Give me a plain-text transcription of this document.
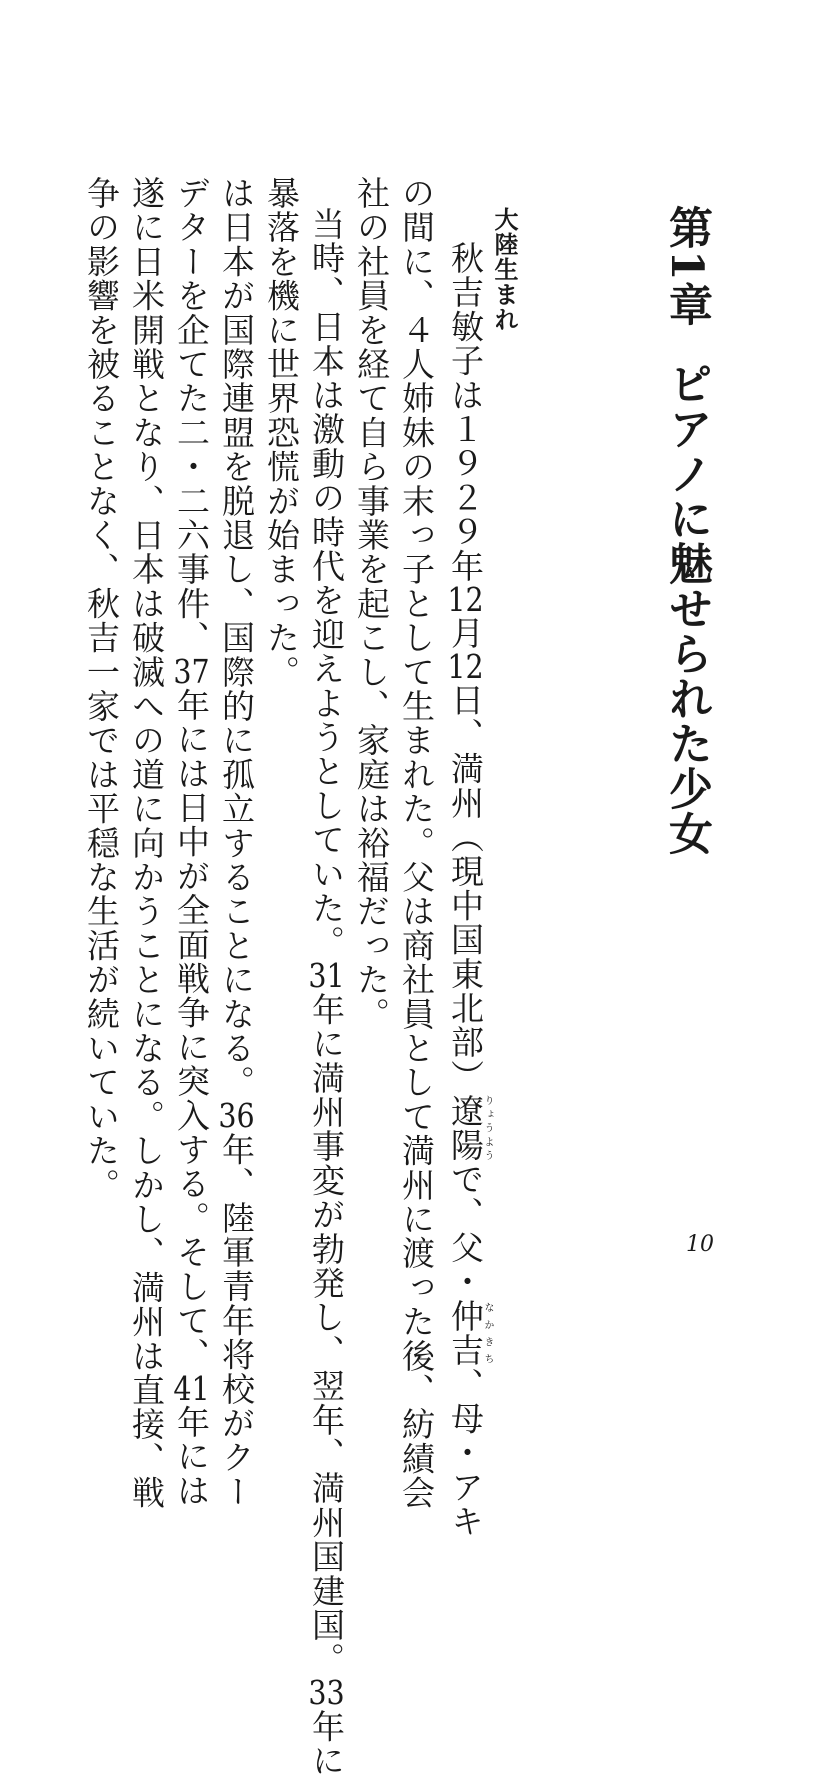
第1章ピアノに魅せられた少女
大陸生まれ

秋吉敏子は１９２９年12月12日、満州（現中国東北部）遼陽りょうようで、父・仲吉なかきち、母・アキ

の間に、４人姉妹の末っ子として生まれた。父は商社員として満州に渡った後、紡績会

社の社員を経て自ら事業を起こし、家庭は裕福だった。

当時、日本は激動の時代を迎えようとしていた。31年に満州事変が勃発し、翌年、満州国建国。33年に

暴落を機に世界恐慌が始まった。

は日本が国際連盟を脱退し、国際的に孤立することになる。36年、陸軍青年将校がクー

デターを企てた二・二六事件、37年には日中が全面戦争に突入する。そして、41年には

遂に日米開戦となり、日本は破滅への道に向かうことになる。しかし、満州は直接、戦

争の影響を被ることなく、秋吉一家では平穏な生活が続いていた。

10
